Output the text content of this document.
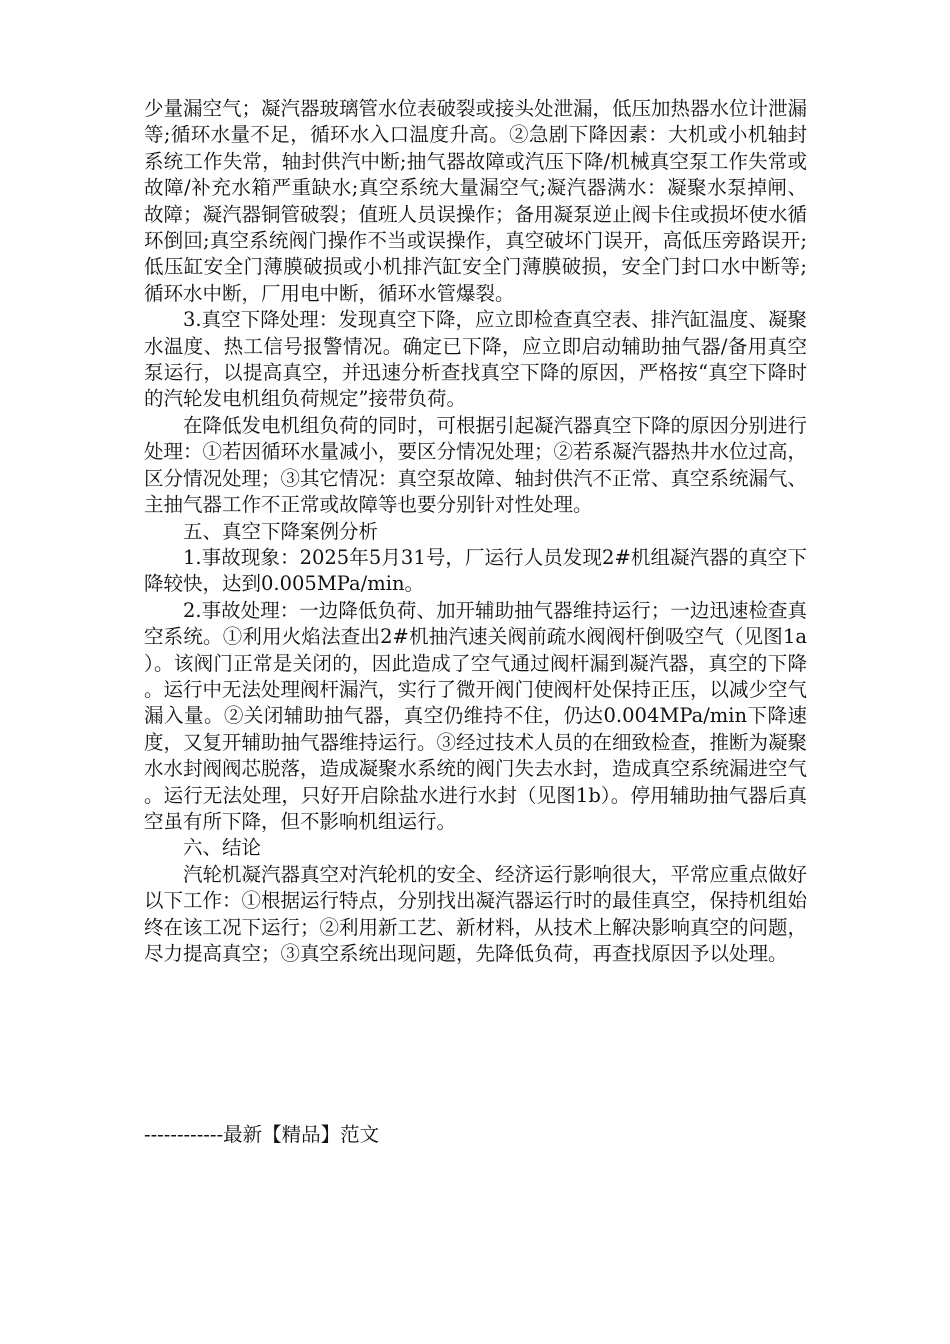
少量漏空气；凝汽器玻璃管水位表破裂或接头处泄漏，低压加热器水位计泄漏等;循环水量不足，循环水入口温度升高。②急剧下降因素：大机或小机轴封系统工作失常，轴封供汽中断;抽气器故障或汽压下降/机械真空泵工作失常或故障/补充水箱严重缺水;真空系统大量漏空气;凝汽器满水：凝聚水泵掉闸、故障；凝汽器铜管破裂；值班人员误操作；备用凝泵逆止阀卡住或损坏使水循环倒回;真空系统阀门操作不当或误操作，真空破坏门误开，高低压旁路误开;低压缸安全门薄膜破损或小机排汽缸安全门薄膜破损，安全门封口水中断等;循环水中断，厂用电中断，循环水管爆裂。

3.真空下降处理：发现真空下降，应立即检查真空表、排汽缸温度、凝聚水温度、热工信号报警情况。确定已下降，应立即启动辅助抽气器/备用真空泵运行，以提高真空，并迅速分析查找真空下降的原因，严格按“真空下降时的汽轮发电机组负荷规定”接带负荷。

在降低发电机组负荷的同时，可根据引起凝汽器真空下降的原因分别进行处理：①若因循环水量减小，要区分情况处理；②若系凝汽器热井水位过高，区分情况处理；③其它情况：真空泵故障、轴封供汽不正常、真空系统漏气、主抽气器工作不正常或故障等也要分别针对性处理。

五、真空下降案例分析

1.事故现象：2025年5月31号，厂运行人员发现2#机组凝汽器的真空下降较快，达到0.005MPa/min。

2.事故处理：一边降低负荷、加开辅助抽气器维持运行；一边迅速检查真空系统。①利用火焰法查出2#机抽汽速关阀前疏水阀阀杆倒吸空气（见图1a）。该阀门正常是关闭的，因此造成了空气通过阀杆漏到凝汽器，真空的下降。运行中无法处理阀杆漏汽，实行了微开阀门使阀杆处保持正压，以减少空气漏入量。②关闭辅助抽气器，真空仍维持不住，仍达0.004MPa/min下降速度，又复开辅助抽气器维持运行。③经过技术人员的在细致检查，推断为凝聚水水封阀阀芯脱落，造成凝聚水系统的阀门失去水封，造成真空系统漏进空气。运行无法处理，只好开启除盐水进行水封（见图1b）。停用辅助抽气器后真空虽有所下降，但不影响机组运行。

六、结论

汽轮机凝汽器真空对汽轮机的安全、经济运行影响很大，平常应重点做好以下工作：①根据运行特点，分别找出凝汽器运行时的最佳真空，保持机组始终在该工况下运行；②利用新工艺、新材料，从技术上解决影响真空的问题，尽力提高真空；③真空系统出现问题，先降低负荷，再查找原因予以处理。

------------最新【精品】范文
